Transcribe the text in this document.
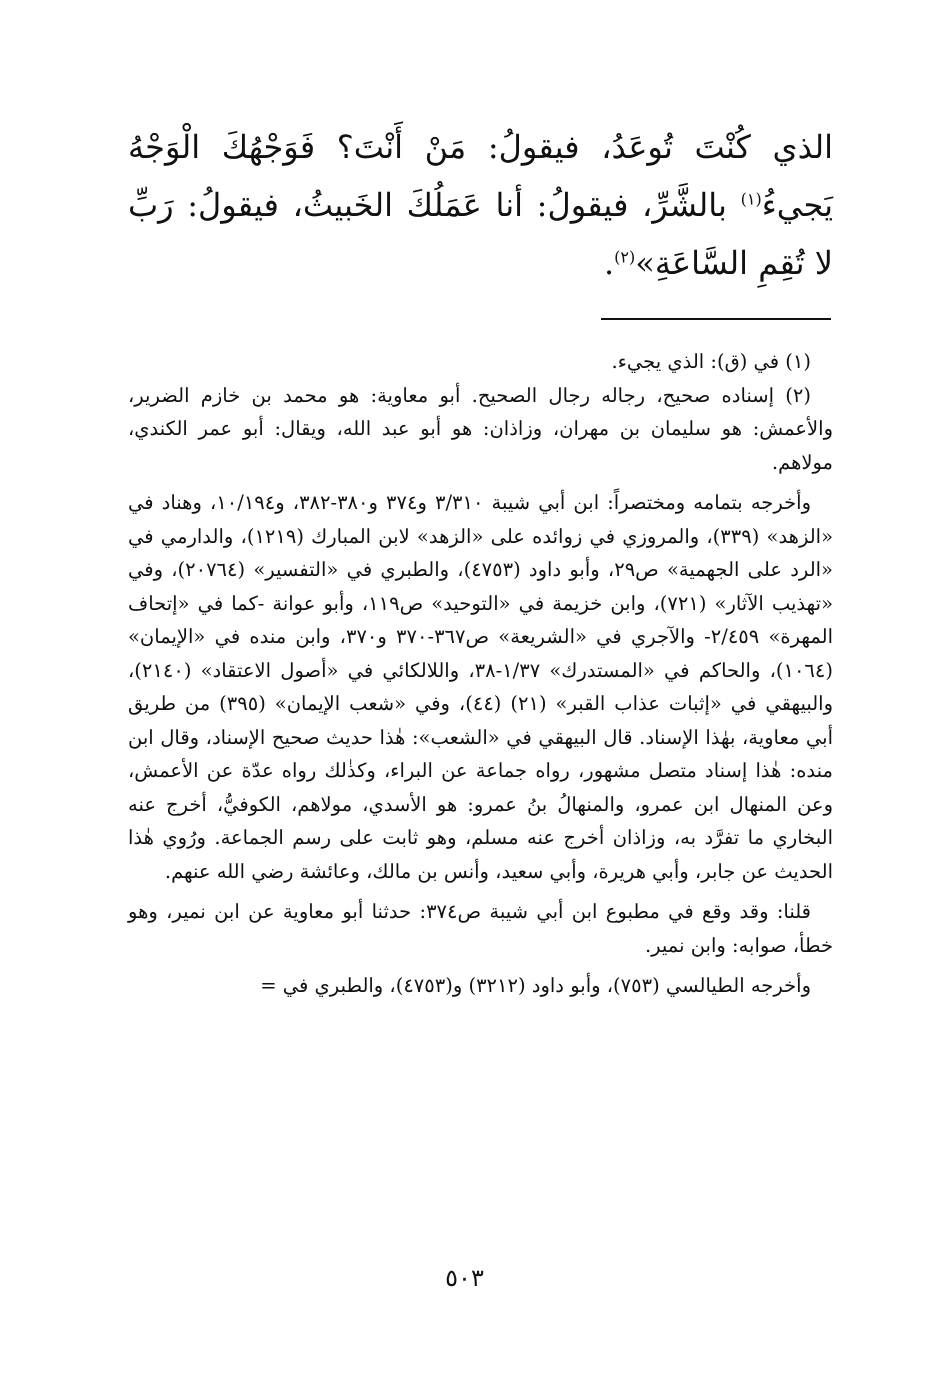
الذي كُنْتَ تُوعَدُ، فيقولُ: مَنْ أَنْتَ؟ فَوَجْهُكَ الْوَجْهُ يَجيءُ$^{(١)}$ بالشَّرِّ، فيقولُ: أنا عَمَلُكَ الخَبيثُ، فيقولُ: رَبِّ لا تُقِمِ السَّاعَةِ»$^{(٢)}$.

(١) في (ق): الذي يجيء.

(٢) إسناده صحيح، رجاله رجال الصحيح. أبو معاوية: هو محمد بن خازم الضرير، والأعمش: هو سليمان بن مهران، وزاذان: هو أبو عبد الله، ويقال: أبو عمر الكندي، مولاهم.

وأخرجه بتمامه ومختصراً: ابن أبي شيبة ٣/٣١٠ و٣٧٤ و٣٨٠-٣٨٢، و١٠/١٩٤، وهناد في «الزهد» (٣٣٩)، والمروزي في زوائده على «الزهد» لابن المبارك (١٢١٩)، والدارمي في «الرد على الجهمية» ص٢٩، وأبو داود (٤٧٥٣)، والطبري في «التفسير» (٢٠٧٦٤)، وفي «تهذيب الآثار» (٧٢١)، وابن خزيمة في «التوحيد» ص١١٩، وأبو عوانة -كما في «إتحاف المهرة» ٢/٤٥٩- والآجري في «الشريعة» ص٣٦٧-٣٧٠ و٣٧٠، وابن منده في «الإيمان» (١٠٦٤)، والحاكم في «المستدرك» ١/٣٧-٣٨، واللالكائي في «أصول الاعتقاد» (٢١٤٠)، والبيهقي في «إثبات عذاب القبر» (٢١) (٤٤)، وفي «شعب الإيمان» (٣٩٥) من طريق أبي معاوية، بهٰذا الإسناد. قال البيهقي في «الشعب»: هٰذا حديث صحيح الإسناد، وقال ابن منده: هٰذا إسناد متصل مشهور، رواه جماعة عن البراء، وكذٰلك رواه عدّة عن الأعمش، وعن المنهال ابن عمرو، والمنهالُ بنُ عمرو: هو الأسدي، مولاهم، الكوفيُّ، أخرج عنه البخاري ما تفرَّد به، وزاذان أخرج عنه مسلم، وهو ثابت على رسم الجماعة. ورُوي هٰذا الحديث عن جابر، وأبي هريرة، وأبي سعيد، وأنس بن مالك، وعائشة رضي الله عنهم.

قلنا: وقد وقع في مطبوع ابن أبي شيبة ص٣٧٤: حدثنا أبو معاوية عن ابن نمير، وهو خطأ، صوابه: وابن نمير.

وأخرجه الطيالسي (٧٥٣)، وأبو داود (٣٢١٢) و(٤٧٥٣)، والطبري في =

٥٠٣
